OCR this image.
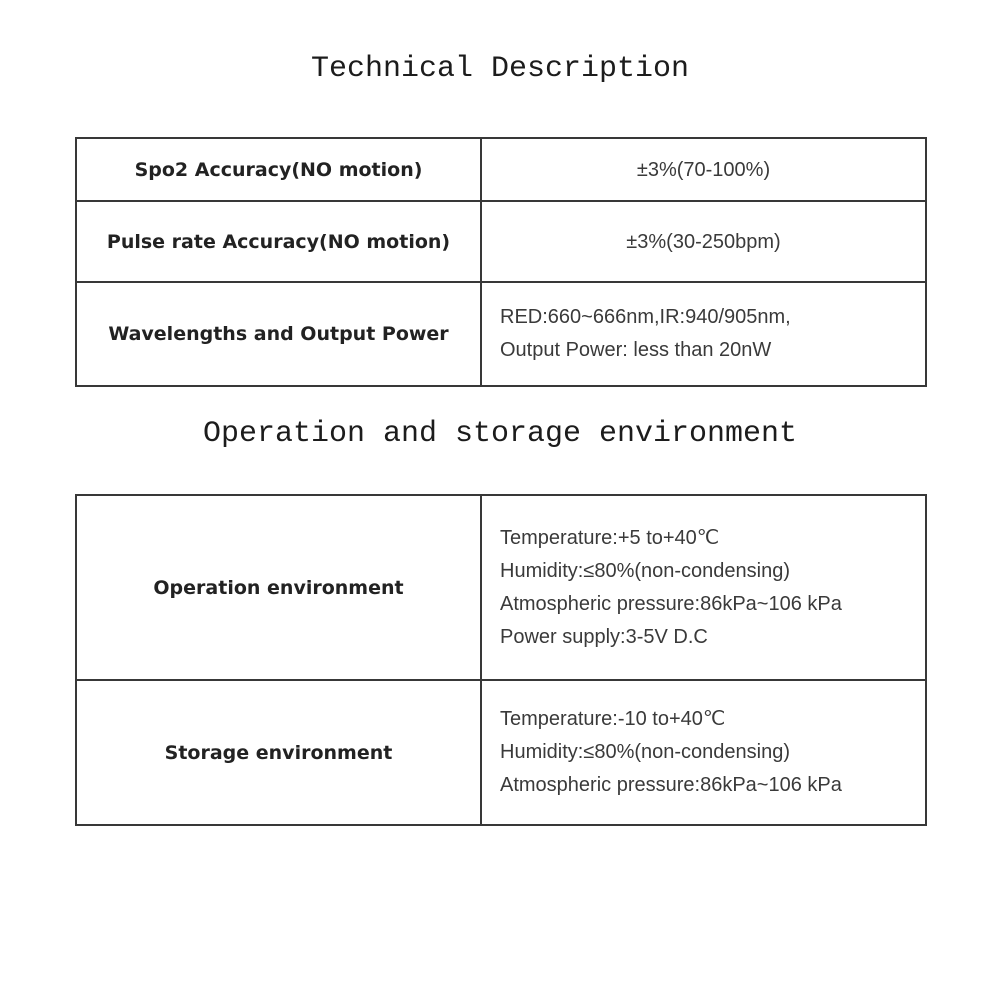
Technical Description
Spo2 Accuracy(NO motion)	±3%(70-100%)
Pulse rate Accuracy(NO motion)	±3%(30-250bpm)
Wavelengths and Output Power	RED:660~666nm,IR:940/905nm,
Output Power: less than 20nW
Operation and storage environment
Operation environment	Temperature:+5 to+40℃
Humidity:≤80%(non-condensing)
Atmospheric pressure:86kPa~106 kPa
Power supply:3-5V D.C
Storage environment	Temperature:-10 to+40℃
Humidity:≤80%(non-condensing)
Atmospheric pressure:86kPa~106 kPa
